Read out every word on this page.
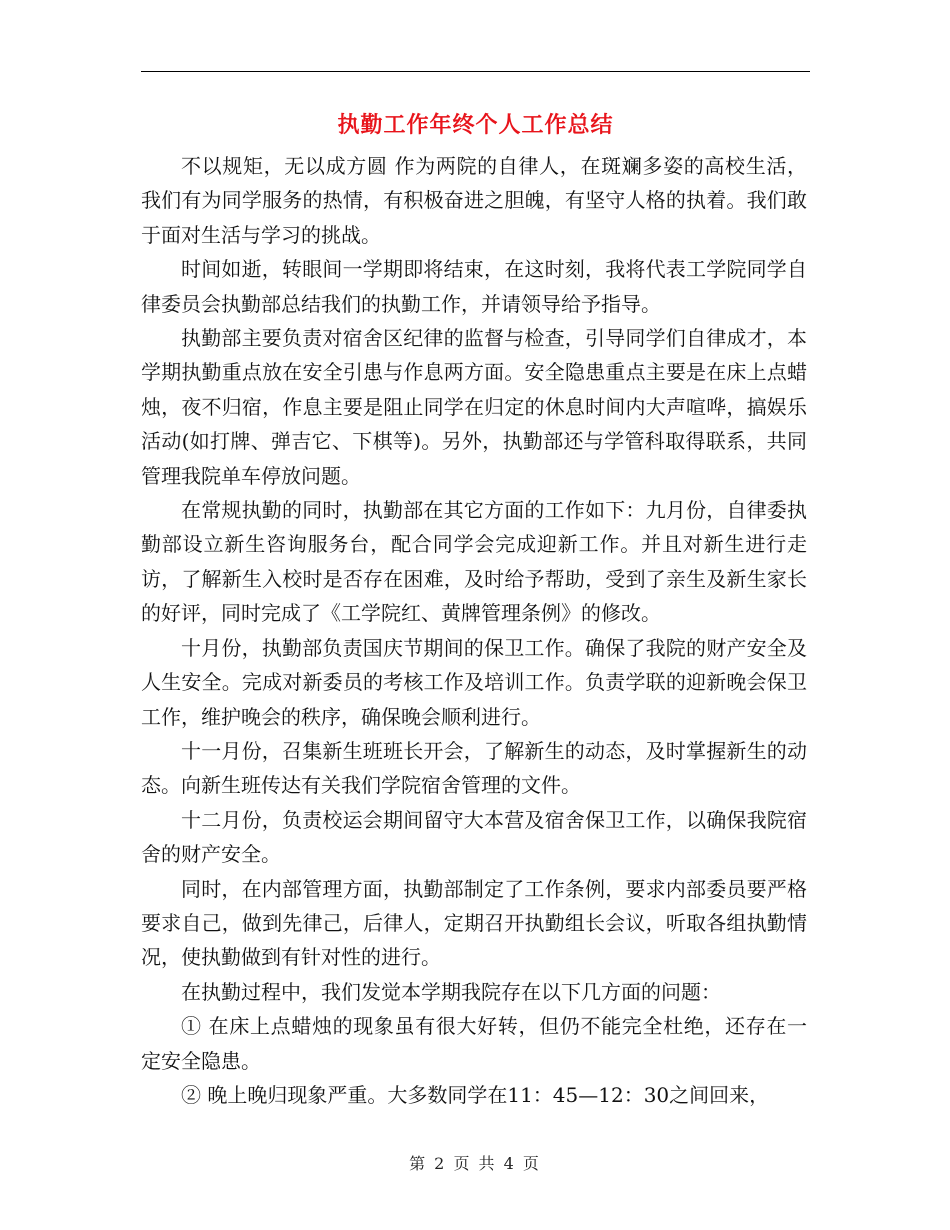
执勤工作年终个人工作总结

不以规矩，无以成方圆 作为两院的自律人，在斑斓多姿的高校生活，我们有为同学服务的热情，有积极奋进之胆魄，有坚守人格的执着。我们敢于面对生活与学习的挑战。

时间如逝，转眼间一学期即将结束，在这时刻，我将代表工学院同学自律委员会执勤部总结我们的执勤工作，并请领导给予指导。

执勤部主要负责对宿舍区纪律的监督与检查，引导同学们自律成才，本学期执勤重点放在安全引患与作息两方面。安全隐患重点主要是在床上点蜡烛，夜不归宿，作息主要是阻止同学在归定的休息时间内大声喧哗，搞娱乐活动(如打牌、弹吉它、下棋等)。另外，执勤部还与学管科取得联系，共同管理我院单车停放问题。

在常规执勤的同时，执勤部在其它方面的工作如下：九月份，自律委执勤部设立新生咨询服务台，配合同学会完成迎新工作。并且对新生进行走访，了解新生入校时是否存在困难，及时给予帮助，受到了亲生及新生家长的好评，同时完成了《工学院红、黄牌管理条例》的修改。

十月份，执勤部负责国庆节期间的保卫工作。确保了我院的财产安全及人生安全。完成对新委员的考核工作及培训工作。负责学联的迎新晚会保卫工作，维护晚会的秩序，确保晚会顺利进行。

十一月份，召集新生班班长开会，了解新生的动态，及时掌握新生的动态。向新生班传达有关我们学院宿舍管理的文件。

十二月份，负责校运会期间留守大本营及宿舍保卫工作，以确保我院宿舍的财产安全。

同时，在内部管理方面，执勤部制定了工作条例，要求内部委员要严格要求自己，做到先律己，后律人，定期召开执勤组长会议，听取各组执勤情况，使执勤做到有针对性的进行。

在执勤过程中，我们发觉本学期我院存在以下几方面的问题：

① 在床上点蜡烛的现象虽有很大好转，但仍不能完全杜绝，还存在一定安全隐患。

② 晚上晚归现象严重。大多数同学在11：45—12：30之间回来，

第 2 页 共 4 页
